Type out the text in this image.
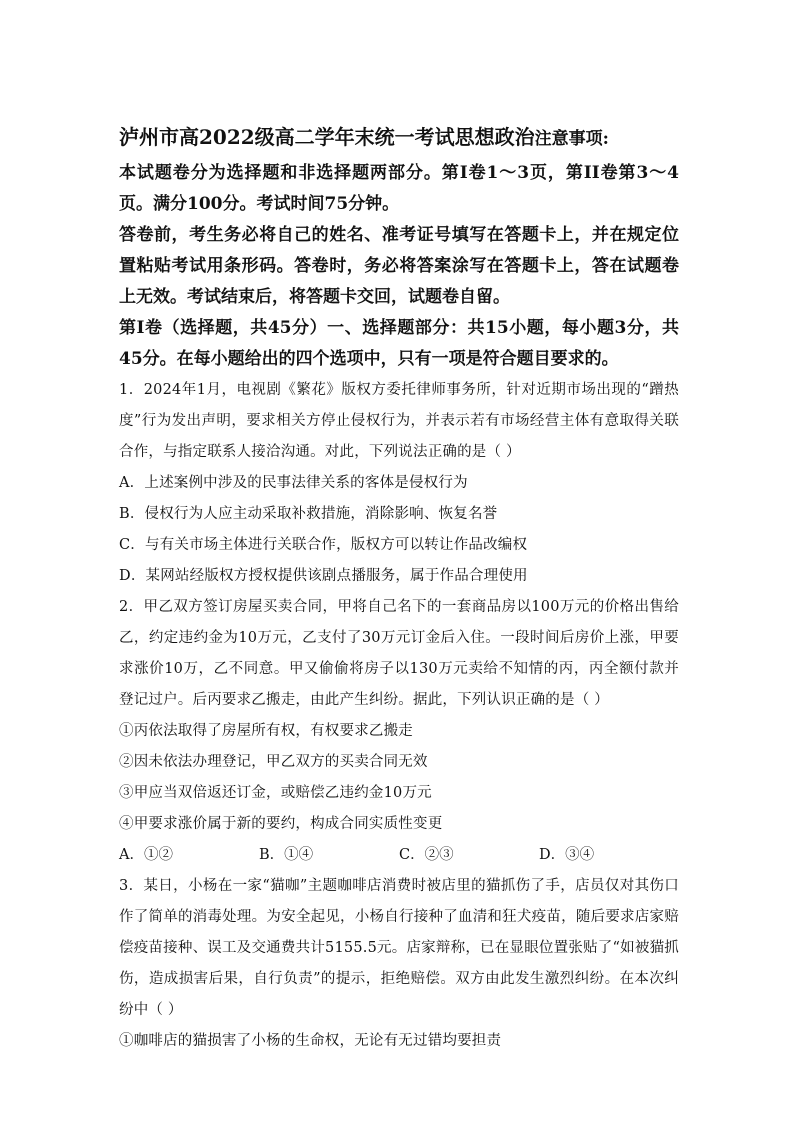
泸州市高2022级高二学年末统一考试思想政治注意事项:

本试题卷分为选择题和非选择题两部分。第I卷1～3页，第II卷第3～4页。满分100分。考试时间75分钟。

答卷前，考生务必将自己的姓名、准考证号填写在答题卡上，并在规定位置粘贴考试用条形码。答卷时，务必将答案涂写在答题卡上，答在试题卷上无效。考试结束后，将答题卡交回，试题卷自留。

第I卷（选择题，共45分）一、选择题部分：共15小题，每小题3分，共45分。在每小题给出的四个选项中，只有一项是符合题目要求的。

1．2024年1月，电视剧《繁花》版权方委托律师事务所，针对近期市场出现的“蹭热度”行为发出声明，要求相关方停止侵权行为，并表示若有市场经营主体有意取得关联合作，与指定联系人接洽沟通。对此，下列说法正确的是（ ）

A．上述案例中涉及的民事法律关系的客体是侵权行为

B．侵权行为人应主动采取补救措施，消除影响、恢复名誉

C．与有关市场主体进行关联合作，版权方可以转让作品改编权

D．某网站经版权方授权提供该剧点播服务，属于作品合理使用

2．甲乙双方签订房屋买卖合同，甲将自己名下的一套商品房以100万元的价格出售给乙，约定违约金为10万元，乙支付了30万元订金后入住。一段时间后房价上涨，甲要求涨价10万，乙不同意。甲又偷偷将房子以130万元卖给不知情的丙，丙全额付款并登记过户。后丙要求乙搬走，由此产生纠纷。据此，下列认识正确的是（ ）

①丙依法取得了房屋所有权，有权要求乙搬走

②因未依法办理登记，甲乙双方的买卖合同无效

③甲应当双倍返还订金，或赔偿乙违约金10万元

④甲要求涨价属于新的要约，构成合同实质性变更

A．①②	B．①④	C．②③	D．③④

3．某日，小杨在一家“猫咖”主题咖啡店消费时被店里的猫抓伤了手，店员仅对其伤口作了简单的消毒处理。为安全起见，小杨自行接种了血清和狂犬疫苗，随后要求店家赔偿疫苗接种、误工及交通费共计5155.5元。店家辩称，已在显眼位置张贴了“如被猫抓伤，造成损害后果，自行负责”的提示，拒绝赔偿。双方由此发生激烈纠纷。在本次纠纷中（ ）

①咖啡店的猫损害了小杨的生命权，无论有无过错均要担责
